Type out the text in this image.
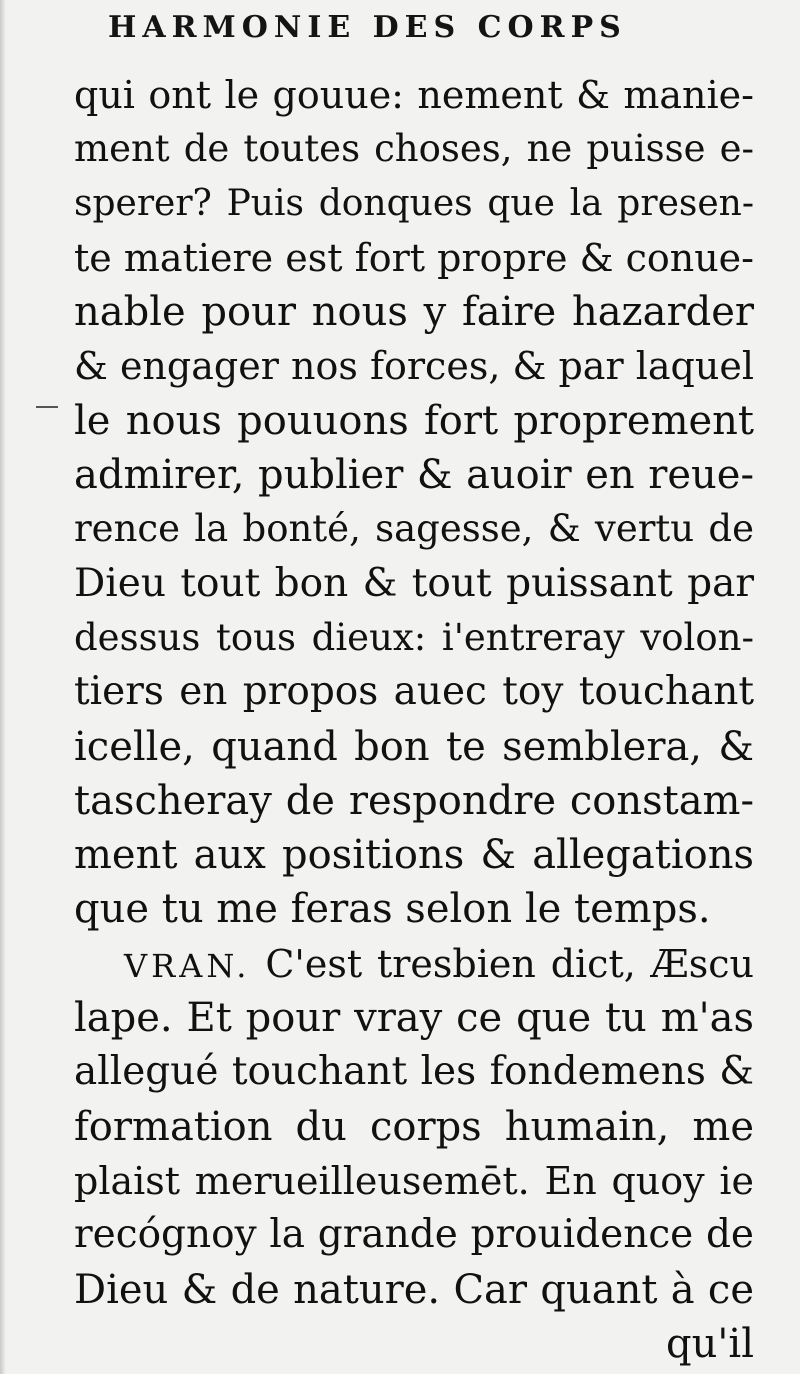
HARMONIE DES CORPS
qui ont le gouue: nement & manie-
ment de toutes choses, ne puisse e-
sperer? Puis donques que la presen-
te matiere est fort propre & conue-
nable pour nous y faire hazarder
& engager nos forces, & par laquel
le nous pouuons fort proprement
admirer, publier & auoir en reue-
rence la bonté, sagesse, & vertu de
Dieu tout bon & tout puissant par
dessus tous dieux: i'entreray volon-
tiers en propos auec toy touchant
icelle, quand bon te semblera, &
tascheray de respondre constam-
ment aux positions & allegations
que tu me feras selon le temps.
VRAN. C'est tresbien dict, Æscu
lape. Et pour vray ce que tu m'as
allegué touchant les fondemens &
formation du corps humain, me
plaist merueilleusemēt. En quoy ie
recógnoy la grande prouidence de
Dieu & de nature. Car quant à ce
qu'il
